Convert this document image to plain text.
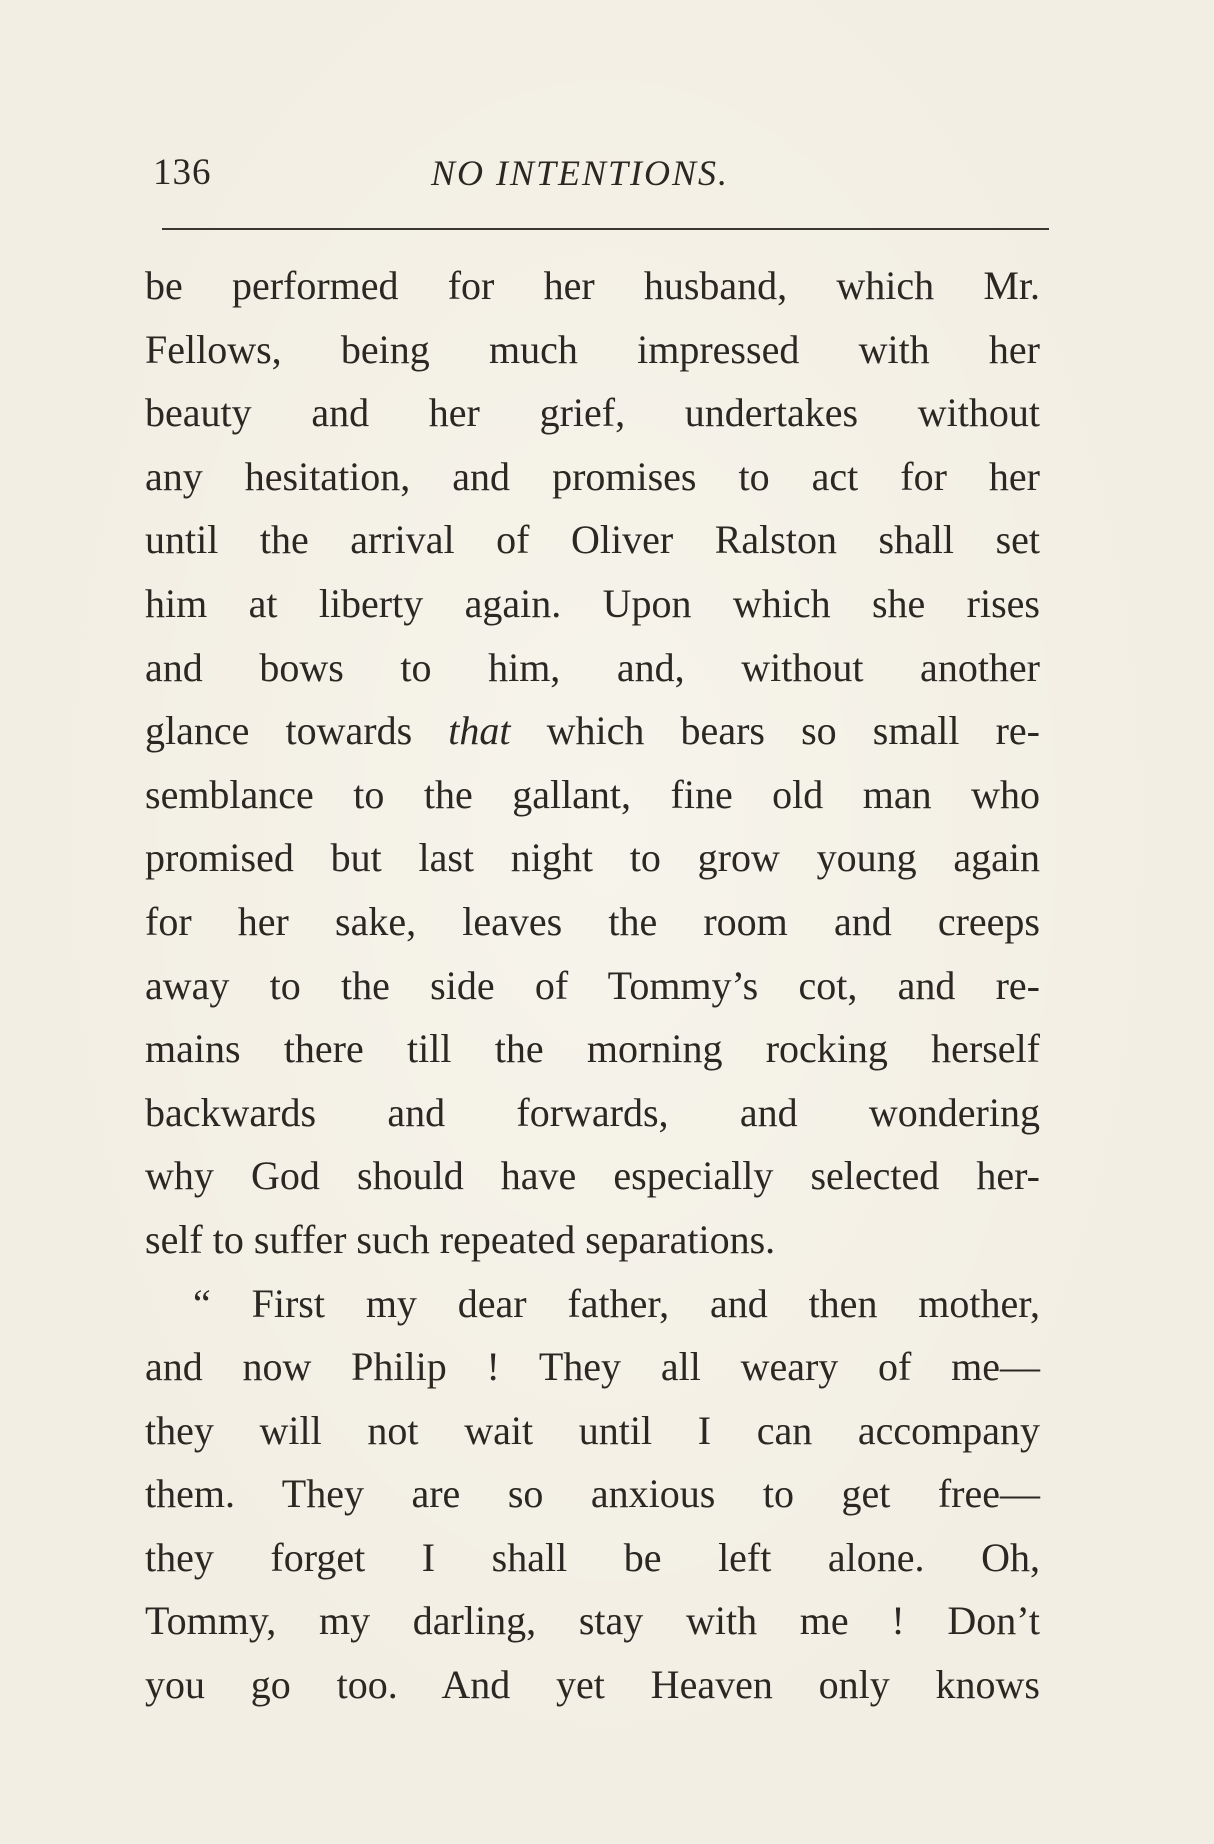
136	NO INTENTIONS.
be performed for her husband, which Mr.
Fellows, being much impressed with her
beauty and her grief, undertakes without
any hesitation, and promises to act for her
until the arrival of Oliver Ralston shall set
him at liberty again. Upon which she rises
and bows to him, and, without another
glance towards that which bears so small re-
semblance to the gallant, fine old man who
promised but last night to grow young again
for her sake, leaves the room and creeps
away to the side of Tommy’s cot, and re-
mains there till the morning rocking herself
backwards and forwards, and wondering
why God should have especially selected her-
self to suffer such repeated separations.
“ First my dear father, and then mother,
and now Philip ! They all weary of me—
they will not wait until I can accompany
them. They are so anxious to get free—
they forget I shall be left alone. Oh,
Tommy, my darling, stay with me ! Don’t
you go too. And yet Heaven only knows
